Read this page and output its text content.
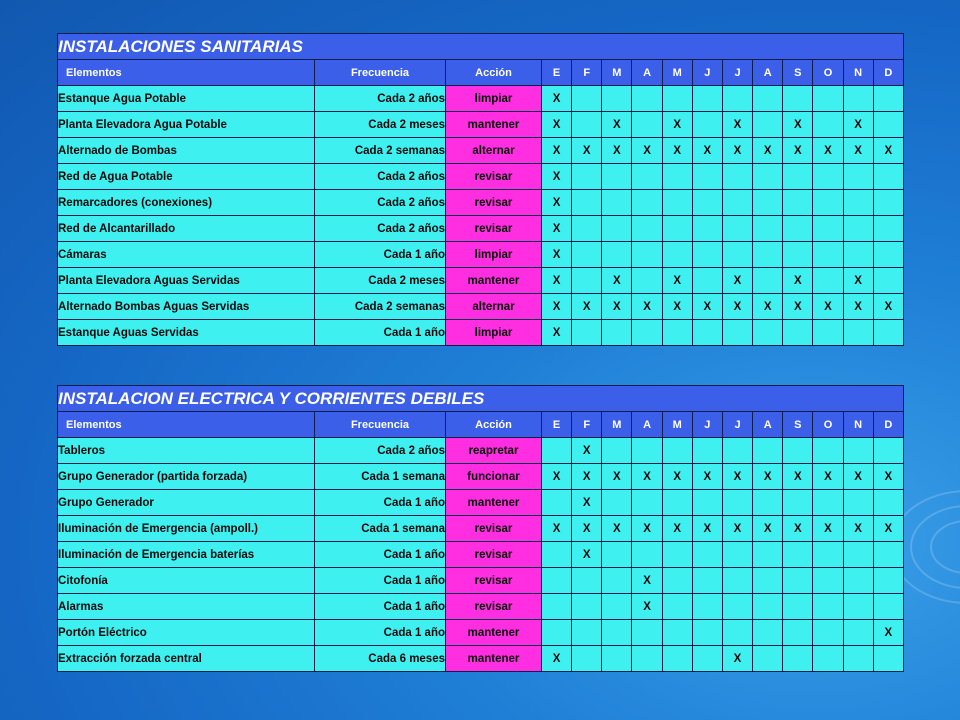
INSTALACIONES SANITARIAS														
Elementos	Frecuencia	Acción	E	F	M	A	M	J	J	A	S	O	N	D
Estanque Agua Potable	Cada 2 años	limpiar	X											
Planta Elevadora Agua Potable	Cada 2 meses	mantener	X		X		X		X		X		X	
Alternado de Bombas	Cada 2 semanas	alternar	X	X	X	X	X	X	X	X	X	X	X	X
Red de Agua Potable	Cada 2 años	revisar	X											
Remarcadores (conexiones)	Cada 2 años	revisar	X											
Red de Alcantarillado	Cada 2 años	revisar	X											
Cámaras	Cada 1 año	limpiar	X											
Planta Elevadora Aguas Servidas	Cada 2 meses	mantener	X		X		X		X		X		X	
Alternado Bombas Aguas Servidas	Cada 2 semanas	alternar	X	X	X	X	X	X	X	X	X	X	X	X
Estanque Aguas Servidas	Cada 1 año	limpiar	X											
INSTALACION ELECTRICA Y CORRIENTES DEBILES														
Elementos	Frecuencia	Acción	E	F	M	A	M	J	J	A	S	O	N	D
Tableros	Cada 2 años	reapretar		X										
Grupo Generador (partida forzada)	Cada 1 semana	funcionar	X	X	X	X	X	X	X	X	X	X	X	X
Grupo Generador	Cada 1 año	mantener		X										
Iluminación de Emergencia (ampoll.)	Cada 1 semana	revisar	X	X	X	X	X	X	X	X	X	X	X	X
Iluminación de Emergencia baterías	Cada 1 año	revisar		X										
Citofonía	Cada 1 año	revisar				X								
Alarmas	Cada 1 año	revisar				X								
Portón Eléctrico	Cada 1 año	mantener												X
Extracción forzada central	Cada 6 meses	mantener	X						X					
